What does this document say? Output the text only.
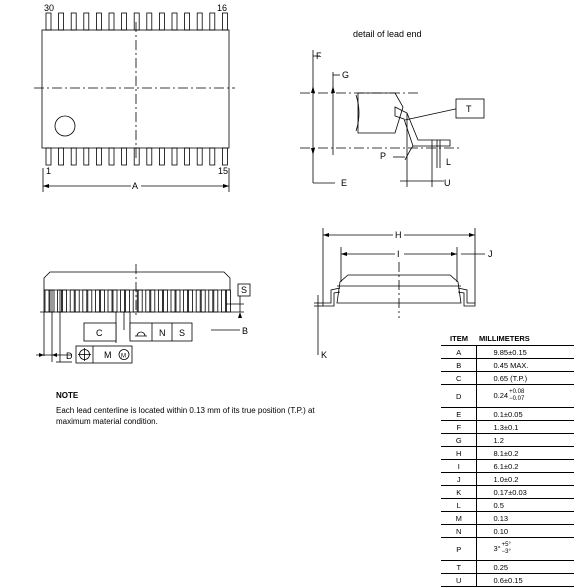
30	16
1	15
A
detail of lead end
T
F
G
P
L
U
E
C	N S	B
S
D	M M
H
I	J
K
NOTE
Each lead centerline is located within 0.13 mm of its true position (T.P.) at maximum material condition.
ITEM	MILLIMETERS
A	9.85±0.15
B	0.45 MAX.
C	0.65 (T.P.)
D	0.24 +0.08
−0.07

E	0.1±0.05
F	1.3±0.1
G	1.2
H	8.1±0.2
I	6.1±0.2
J	1.0±0.2
K	0.17±0.03
L	0.5
M	0.13
N	0.10
P	3° +5°
−3°

T	0.25
U	0.6±0.15
